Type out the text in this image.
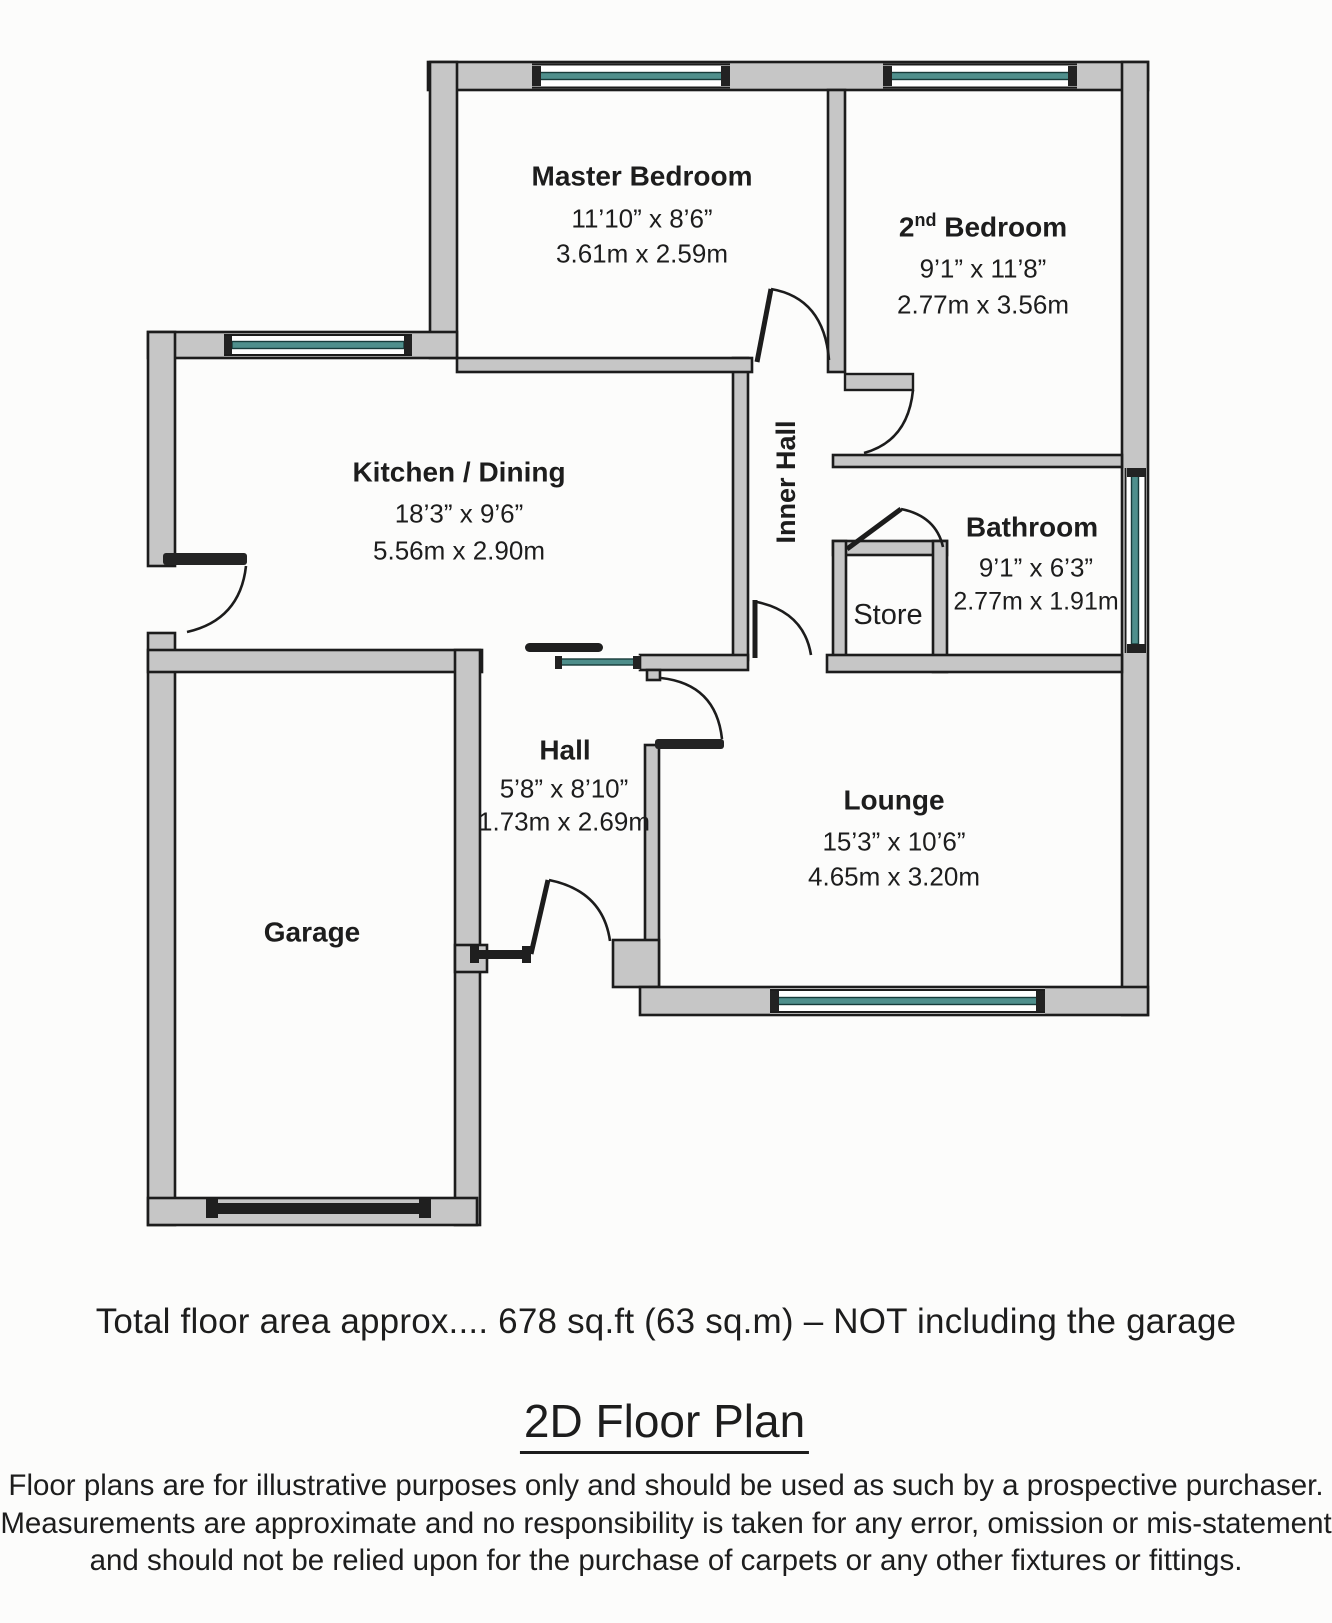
Master Bedroom
11’10” x 8’6”
3.61m x 2.59m
2nd Bedroom
9’1” x 11’8”
2.77m x 3.56m
Kitchen / Dining
18’3” x 9’6”
5.56m x 2.90m
Inner Hall	Bathroom
9’1” x 6’3”
2.77m x 1.91m
Store
Hall
5’8” x 8’10”
1.73m x 2.69m
Lounge
15’3” x 10’6”
4.65m x 3.20m
Garage
Total floor area approx.... 678 sq.ft (63 sq.m) – NOT including the garage
2D Floor Plan
Floor plans are for illustrative purposes only and should be used as such by a prospective purchaser.
Measurements are approximate and no responsibility is taken for any error, omission or mis-statement
and should not be relied upon for the purchase of carpets or any other fixtures or fittings.
